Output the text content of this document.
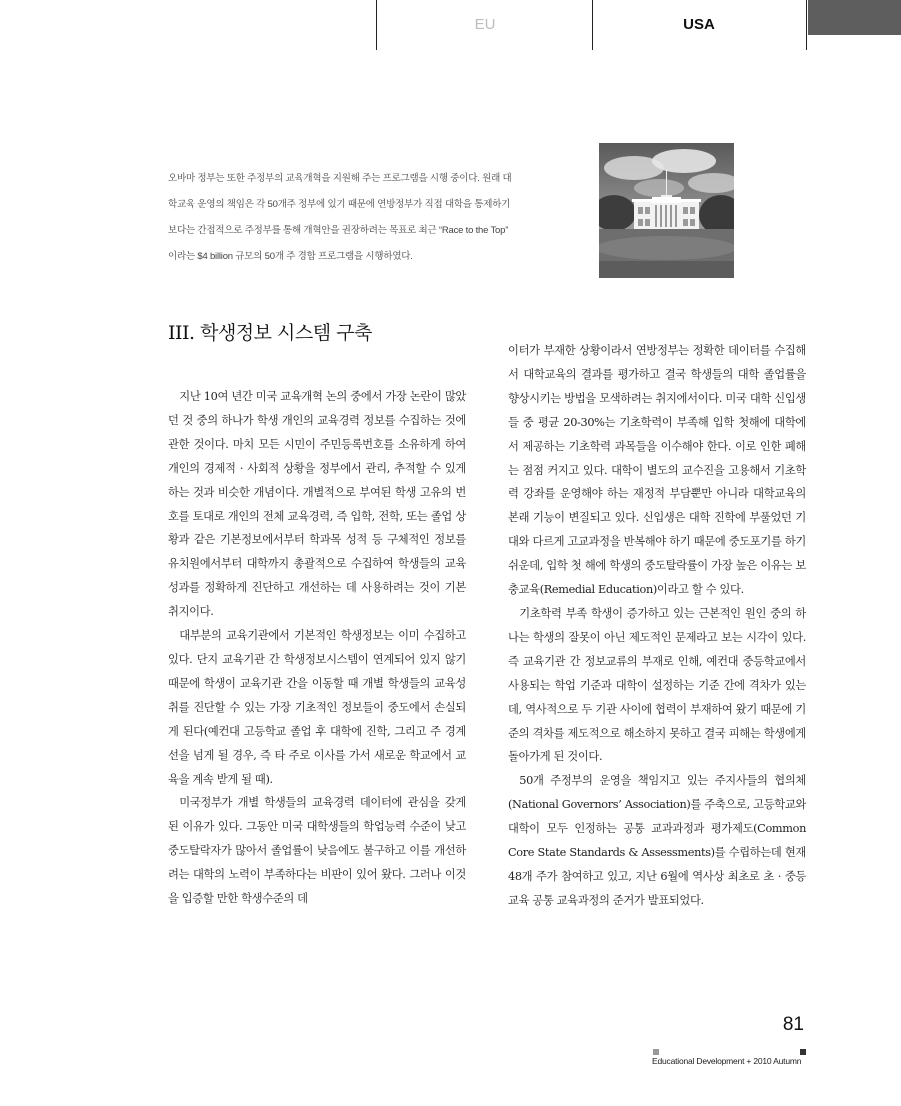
EU	USA

오바마 정부는 또한 주정부의 교육개혁을 지원해 주는 프로그램을 시행 중이다. 원래 대학교육 운영의 책임은 각 50개주 정부에 있기 때문에 연방정부가 직접 대학을 통제하기 보다는 간접적으로 주정부를 통해 개혁안을 권장하려는 목표로 최근 “Race to the Top” 이라는 $4 billion 규모의 50개 주 경합 프로그램을 시행하였다.

III. 학생정보 시스템 구축

지난 10여 년간 미국 교육개혁 논의 중에서 가장 논란이 많았던 것 중의 하나가 학생 개인의 교육경력 정보를 수집하는 것에 관한 것이다. 마치 모든 시민이 주민등록번호를 소유하게 하여 개인의 경제적 · 사회적 상황을 정부에서 관리, 추적할 수 있게 하는 것과 비슷한 개념이다. 개별적으로 부여된 학생 고유의 번호를 토대로 개인의 전체 교육경력, 즉 입학, 전학, 또는 졸업 상황과 같은 기본정보에서부터 학과목 성적 등 구체적인 정보를 유치원에서부터 대학까지 총괄적으로 수집하여 학생들의 교육성과를 정확하게 진단하고 개선하는 데 사용하려는 것이 기본 취지이다.

대부분의 교육기관에서 기본적인 학생정보는 이미 수집하고 있다. 단지 교육기관 간 학생정보시스템이 연계되어 있지 않기 때문에 학생이 교육기관 간을 이동할 때 개별 학생들의 교육성취를 진단할 수 있는 가장 기초적인 정보들이 중도에서 손실되게 된다(예컨대 고등학교 졸업 후 대학에 진학, 그리고 주 경계선을 넘게 될 경우, 즉 타 주로 이사를 가서 새로운 학교에서 교육을 계속 받게 될 때).

미국정부가 개별 학생들의 교육경력 데이터에 관심을 갖게 된 이유가 있다. 그동안 미국 대학생들의 학업능력 수준이 낮고 중도탈락자가 많아서 졸업률이 낮음에도 불구하고 이를 개선하려는 대학의 노력이 부족하다는 비판이 있어 왔다. 그러나 이것을 입증할 만한 학생수준의 데

이터가 부재한 상황이라서 연방정부는 정확한 데이터를 수집해서 대학교육의 결과를 평가하고 결국 학생들의 대학 졸업률을 향상시키는 방법을 모색하려는 취지에서이다. 미국 대학 신입생들 중 평균 20-30%는 기초학력이 부족해 입학 첫해에 대학에서 제공하는 기초학력 과목들을 이수해야 한다. 이로 인한 폐해는 점점 커지고 있다. 대학이 별도의 교수진을 고용해서 기초학력 강좌를 운영해야 하는 재정적 부담뿐만 아니라 대학교육의 본래 기능이 변질되고 있다. 신입생은 대학 진학에 부풀었던 기대와 다르게 고교과정을 반복해야 하기 때문에 중도포기를 하기 쉬운데, 입학 첫 해에 학생의 중도탈락률이 가장 높은 이유는 보충교육(Remedial Education)이라고 할 수 있다.

기초학력 부족 학생이 증가하고 있는 근본적인 원인 중의 하나는 학생의 잘못이 아닌 제도적인 문제라고 보는 시각이 있다. 즉 교육기관 간 정보교류의 부재로 인해, 예컨대 중등학교에서 사용되는 학업 기준과 대학이 설정하는 기준 간에 격차가 있는데, 역사적으로 두 기관 사이에 협력이 부재하여 왔기 때문에 기준의 격차를 제도적으로 해소하지 못하고 결국 피해는 학생에게 돌아가게 된 것이다.

50개 주정부의 운영을 책임지고 있는 주지사들의 협의체(National Governors’ Association)를 주축으로, 고등학교와 대학이 모두 인정하는 공통 교과과정과 평가제도(Common Core State Standards & Assessments)를 수립하는데 현재 48개 주가 참여하고 있고, 지난 6월에 역사상 최초로 초 · 중등교육 공통 교육과정의 준거가 발표되었다.

81
Educational Development + 2010 Autumn
